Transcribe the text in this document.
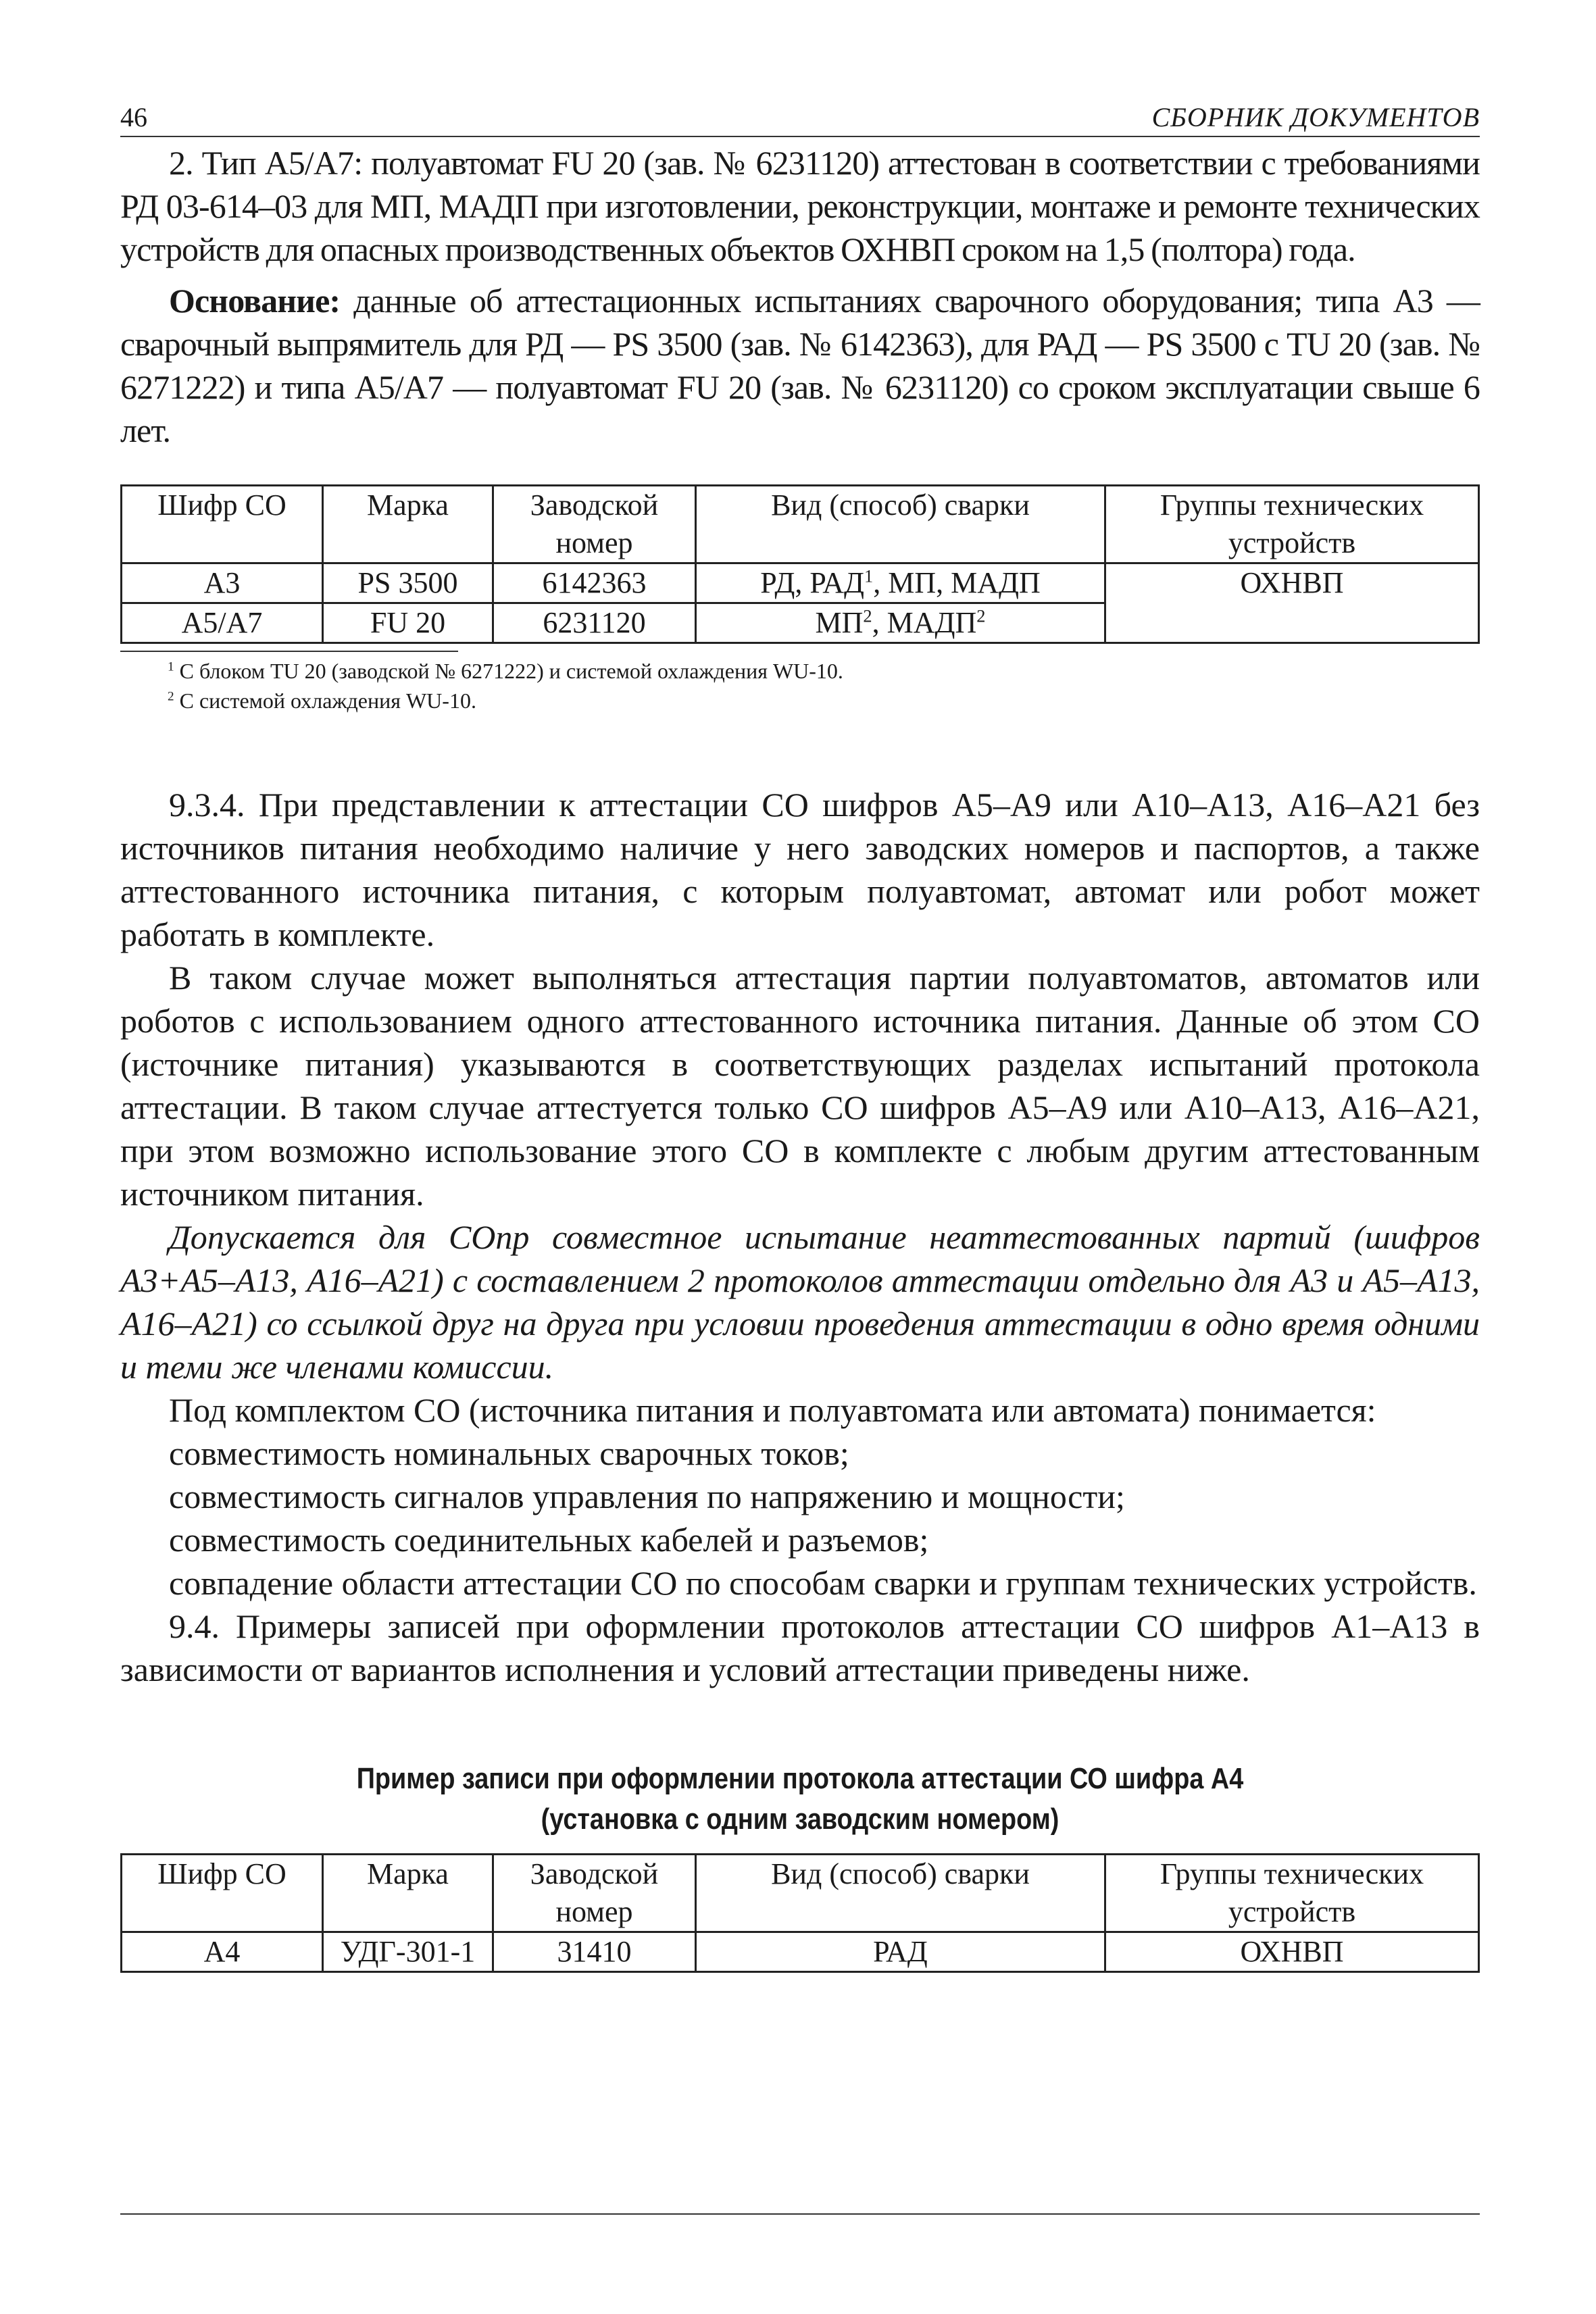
46	СБОРНИК ДОКУМЕНТОВ

2. Тип А5/А7: полуавтомат FU 20 (зав. № 6231120) аттестован в соответствии с требованиями РД 03-614–03 для МП, МАДП при изготовлении, реконструкции, монтаже и ремонте технических устройств для опасных производственных объектов ОХНВП сроком на 1,5 (полтора) года.

Основание: данные об аттестационных испытаниях сварочного оборудования; типа А3 — сварочный выпрямитель для РД — PS 3500 (зав. № 6142363), для РАД — PS 3500 с TU 20 (зав. № 6271222) и типа А5/А7 — полуавтомат FU 20 (зав. № 6231120) со сроком эксплуатации свыше 6 лет.

Шифр СО	Марка	Заводской номер	Вид (способ) сварки	Группы технических устройств
А3	PS 3500	6142363	РД, РАД$^1$, МП, МАДП	ОХНВП
А5/А7	FU 20	6231120	$МП^2$, МАДП$^2$
$^1$ С блоком TU 20 (заводской № 6271222) и системой охлаждения WU-10.
$^2$ С системой охлаждения WU-10.

9.3.4. При представлении к аттестации СО шифров А5–А9 или А10–А13, А16–А21 без источников питания необходимо наличие у него заводских номеров и паспортов, а также аттестованного источника питания, с которым полуавтомат, автомат или робот может работать в комплекте.

В таком случае может выполняться аттестация партии полуавтоматов, автоматов или роботов с использованием одного аттестованного источника питания. Данные об этом СО (источнике питания) указываются в соответствующих разделах испытаний протокола аттестации. В таком случае аттестуется только СО шифров А5–А9 или А10–А13, А16–А21, при этом возможно использование этого СО в комплекте с любым другим аттестованным источником питания.

Допускается для СОпр совместное испытание неаттестованных партий (шифров А3+А5–А13, А16–А21) с составлением 2 протоколов аттестации отдельно для А3 и А5–А13, А16–А21) со ссылкой друг на друга при условии проведения аттестации в одно время одними и теми же членами комиссии.

Под комплектом СО (источника питания и полуавтомата или автомата) понимается:

совместимость номинальных сварочных токов;

совместимость сигналов управления по напряжению и мощности;

совместимость соединительных кабелей и разъемов;

совпадение области аттестации СО по способам сварки и группам технических устройств.

9.4. Примеры записей при оформлении протоколов аттестации СО шифров А1–А13 в зависимости от вариантов исполнения и условий аттестации приведены ниже.

Пример записи при оформлении протокола аттестации СО шифра А4
(установка с одним заводским номером)
Шифр СО	Марка	Заводской номер	Вид (способ) сварки	Группы технических устройств
А4	УДГ-301-1	31410	РАД	ОХНВП
